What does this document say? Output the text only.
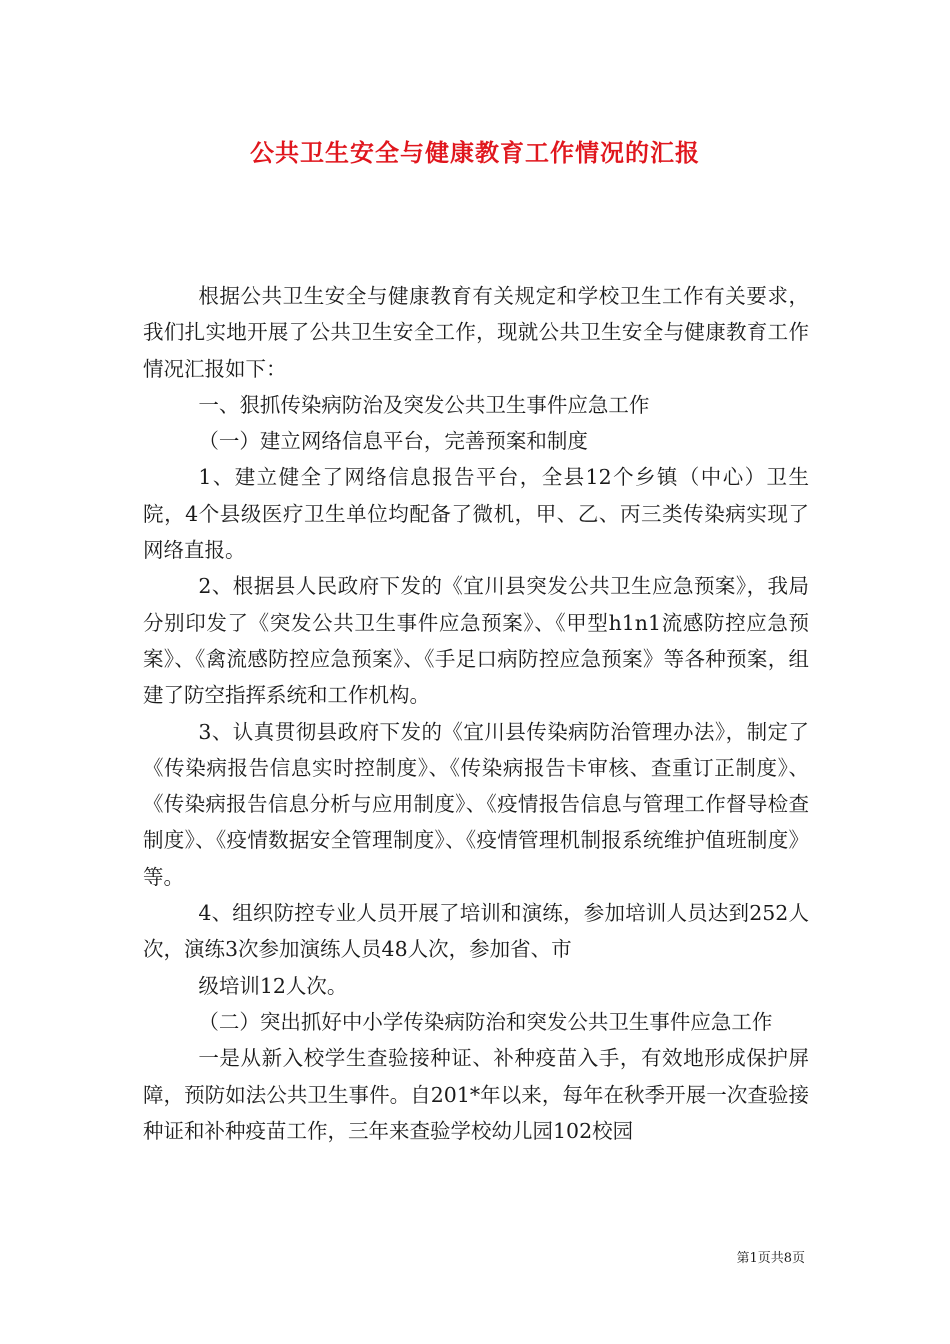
公共卫生安全与健康教育工作情况的汇报

根据公共卫生安全与健康教育有关规定和学校卫生工作有关要求，我们扎实地开展了公共卫生安全工作，现就公共卫生安全与健康教育工作情况汇报如下：

一、狠抓传染病防治及突发公共卫生事件应急工作

（一）建立网络信息平台，完善预案和制度

1、建立健全了网络信息报告平台，全县12个乡镇（中心）卫生院，4个县级医疗卫生单位均配备了微机，甲、乙、丙三类传染病实现了网络直报。

2、根据县人民政府下发的《宜川县突发公共卫生应急预案》，我局分别印发了《突发公共卫生事件应急预案》、《甲型h1n1流感防控应急预案》、《禽流感防控应急预案》、《手足口病防控应急预案》等各种预案，组建了防空指挥系统和工作机构。

3、认真贯彻县政府下发的《宜川县传染病防治管理办法》，制定了《传染病报告信息实时控制度》、《传染病报告卡审核、查重订正制度》、《传染病报告信息分析与应用制度》、《疫情报告信息与管理工作督导检查制度》、《疫情数据安全管理制度》、《疫情管理机制报系统维护值班制度》等。

4、组织防控专业人员开展了培训和演练，参加培训人员达到252人次，演练3次参加演练人员48人次，参加省、市

级培训12人次。

（二）突出抓好中小学传染病防治和突发公共卫生事件应急工作

一是从新入校学生查验接种证、补种疫苗入手，有效地形成保护屏障，预防如法公共卫生事件。自201*年以来，每年在秋季开展一次查验接种证和补种疫苗工作，三年来查验学校幼儿园102校园

第1页共8页
